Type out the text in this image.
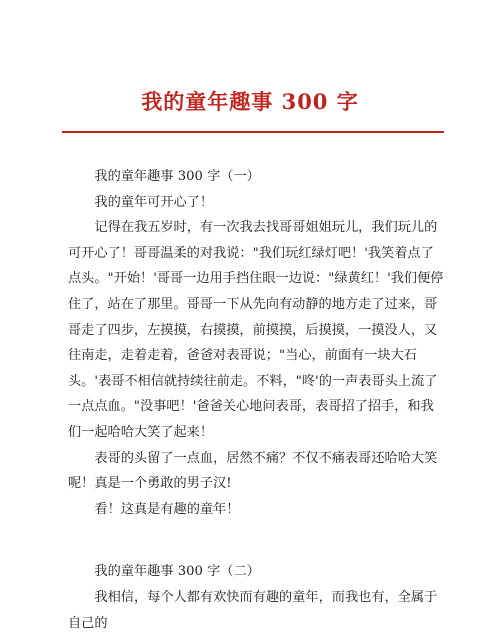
我的童年趣事 300 字

我的童年趣事 300 字（一）

我的童年可开心了！

记得在我五岁时，有一次我去找哥哥姐姐玩儿，我们玩儿的可开心了！哥哥温柔的对我说："我们玩红绿灯吧！'我笑着点了点头。"开始！'哥哥一边用手挡住眼一边说："绿黄红！'我们便停住了，站在了那里。哥哥一下从先向有动静的地方走了过来，哥哥走了四步，左摸摸，右摸摸，前摸摸，后摸摸，一摸没人，又往南走，走着走着，爸爸对表哥说；"当心，前面有一块大石头。'表哥不相信就持续往前走。不料，"咚'的一声表哥头上流了一点点血。"没事吧！'爸爸关心地问表哥，表哥招了招手，和我们一起哈哈大笑了起来！

表哥的头留了一点血，居然不痛？不仅不痛表哥还哈哈大笑呢！真是一个勇敢的男子汉!

看！这真是有趣的童年！

我的童年趣事 300 字（二）

我相信，每个人都有欢快而有趣的童年，而我也有，全属于自己的
